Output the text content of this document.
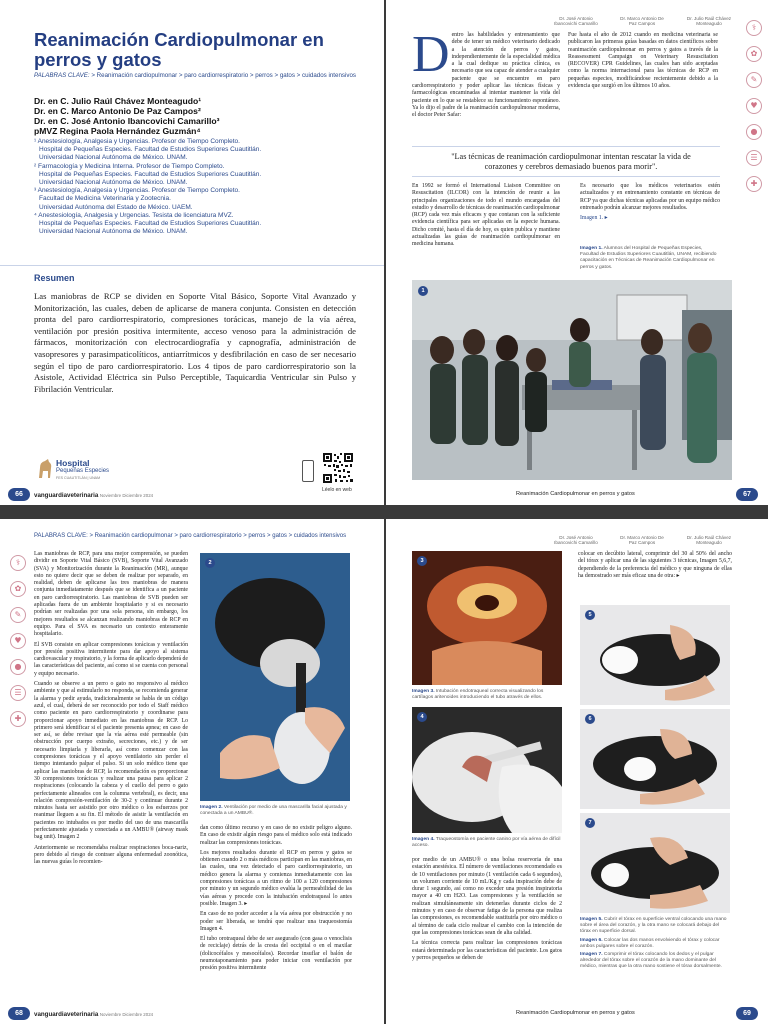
Reanimación Cardiopulmonar en perros y gatos
PALABRAS CLAVE: > Reanimación cardiopulmonar > paro cardiorrespiratorio > perros > gatos > cuidados intensivos
Dr. en C. Julio Raúl Chávez Monteagudo¹
Dr. en C. Marco Antonio De Paz Campos²
Dr. en C. José Antonio Ibancovichi Camarillo³
pMVZ Regina Paola Hernández Guzmán⁴
¹ Anestesiología, Analgesia y Urgencias. Profesor de Tiempo Completo.
Hospital de Pequeñas Especies. Facultad de Estudios Superiores Cuautitlán.
Universidad Nacional Autónoma de México. UNAM.
² Farmacología y Medicina Interna. Profesor de Tiempo Completo.
Hospital de Pequeñas Especies. Facultad de Estudios Superiores Cuautitlán.
Universidad Nacional Autónoma de México. UNAM.
³ Anestesiología, Analgesia y Urgencias. Profesor de Tiempo Completo.
Facultad de Medicina Veterinaria y Zootecnia.
Universidad Autónoma del Estado de México. UAEM.
⁴ Anestesiología, Analgesia y Urgencias. Tesista de licenciatura MVZ.
Hospital de Pequeñas Especies. Facultad de Estudios Superiores Cuautitlán.
Universidad Nacional Autónoma de México. UNAM.
Resumen
Las maniobras de RCP se dividen en Soporte Vital Básico, Soporte Vital Avanzado y Monitorización, las cuales, deben de aplicarse de manera conjunta. Consisten en detección pronta del paro cardiorrespiratorio, compresiones torácicas, manejo de la vía aérea, ventilación por presión positiva intermitente, acceso venoso para la administración de fármacos, monitorización con electrocardiografía y capnografía, administración de vasopresores y parasimpaticolíticos, antiarrítmicos y desfibrilación en caso de ser necesario según el tipo de paro cardiorrespiratorio. Los 4 tipos de paro cardiorrespiratorio son la Asistole, Actividad Eléctrica sin Pulso Perceptible, Taquicardia Ventricular sin Pulso y Fibrilación Ventricular.
Hospital
Pequeñas Especies
FES CUAUTITLÁN | UNAM
Léelo en web
66	vanguardiaveterinaria Noviembre Diciembre 2024
Dr. José Antonio
Ibancovichi Camarillo
Dr. Marco Antonio De
Paz Campos
Dr. Julio Raúl Chávez
Monteagudo
D entro las habilidades y entrenamiento que debe de tener un médico veterinario dedicado a la atención de perros y gatos, independientemente de la especialidad médica a la cual dedique su práctica clínica, es necesario que sea capaz de atender a cualquier paciente que se encuentre en paro cardiorrespiratorio y poder aplicar las técnicas físicas y farmacológicas encaminadas al intentar mantener la vida del paciente en lo que se restablece su funcionamiento espontáneo. Ya lo dijo el padre de la reanimación cardiopulmonar moderna, el doctor Peter Safar:

Fue hasta el año de 2012 cuando en medicina veterinaria se publicaron las primeras guías basadas en datos científicos sobre reanimación cardiopulmonar en perros y gatos a través de la Reassessment Campaign on Veterinary Resuscitation (RECOVER) CPR Guidelines, las cuales han sido aceptadas como la norma internacional para las técnicas de RCP en pequeñas especies, modificándose recientemente debido a la evidencia que surgió en los últimos 10 años.

"Las técnicas de reanimación cardiopulmonar intentan rescatar la vida de corazones y cerebros demasiado buenos para morir".
En 1992 se formó el International Liaison Committee on Resuscitation (ILCOR) con la intención de reunir a las principales organizaciones de todo el mundo encargadas del estudio y desarrollo de técnicas de reanimación cardiopulmonar (RCP) cada vez más eficaces y que contaran con la suficiente evidencia científica para ser aplicadas en la especie humana. Dicho comité, hasta el día de hoy, es quien publica y mantiene actualizadas las guías de reanimación cardiopulmonar en medicina humana.

Es necesario que los médicos veterinarios estén actualizados y en entrenamiento constante en técnicas de RCP ya que dichas técnicas aplicadas por un equipo médico entrenado podrán alcanzar mejores resultados.

Imagen 1. ▸
Imagen 1. Alumnos del Hospital de Pequeñas Especies, Facultad de Estudios Superiores Cuautitlán, UNAM, recibiendo capacitación en Técnicas de Reanimación Cardiopulmonar en perros y gatos.
1
Reanimación Cardiopulmonar en perros y gatos	67
⚕
✿
✎
♥
●
☰
✚
PALABRAS CLAVE: > Reanimación cardiopulmonar > paro cardiorrespiratorio > perros > gatos > cuidados intensivos
⚕
✿
✎
♥
●
☰
✚

Las maniobras de RCP, para una mejor comprensión, se pueden dividir en Soporte Vital Básico (SVB), Soporte Vital Avanzado (SVA) y Monitorización durante la Reanimación (MR), aunque esto no quiere decir que se deben de realizar por separado, en realidad, deben de aplicarse las tres maniobras de manera conjunta inmediatamente después que se identifica a un paciente en paro cardiorrespiratorio. Las maniobras de SVB pueden ser aplicadas fuera de un ambiente hospitalario y si es necesario podrían ser realizadas por una sola persona, sin embargo, los mejores resultados se alcanzan realizando maniobras de RCP en equipo. Para el SVA es necesario un contexto enteramente hospitalario.

El SVB consiste en aplicar compresiones torácicas y ventilación por presión positiva intermitente para dar apoyo al sistema cardiovascular y respiratorio, y la forma de aplicarlo dependerá de las características del paciente, así como si se cuenta con personal y equipo necesario.

Cuando se observe a un perro o gato no responsivo al médico ambiente y que al estimularlo no responda, se recomienda generar la alarma y pedir ayuda, tradicionalmente se habla de un código azul, el cual, deberá de ser reconocido por todo el Staff médico como paciente en paro cardiorrespiratorio y coordinarse para proporcionar apoyo inmediato en las maniobras de RCP. Lo primero será identificar si el paciente presenta apnea; en caso de ser así, se debe revisar que la vía aérea esté permeable (sin obstrucción por cuerpo extraño, secreciones, etc.) y de ser necesario limpiarla y liberarla, así como comenzar con las compresiones torácicas y el apoyo ventilatorio sin perder el tiempo intentando palpar el pulso. Si un solo médico tiene que aplicar las maniobras de RCP, la recomendación es proporcionar 30 compresiones torácicas y realizar una pausa para aplicar 2 respiraciones (colocando la cabeza y el cuello del perro o gato perfectamente alineados con la columna vertebral), es decir, una relación compresión-ventilación de 30-2 y continuar durante 2 minutos hasta ser asistido por otro médico o los esfuerzos por reanimar lleguen a su fin. El método de asistir la ventilación en pacientes no intubados es por medio del uso de una mascarilla perfectamente ajustada y conectada a un AMBU® (airway mask bag unit). Imagen 2

Anteriormente se recomendaba realizar respiraciones boca-nariz, pero debido al riesgo de contraer alguna enfermedad zoonótica, las nuevas guías lo recomien-

2
Imagen 2. Ventilación por medio de una mascarilla facial ajustada y conectada a un AMBU®.

dan como último recurso y en caso de no existir peligro alguno. En caso de existir algún riesgo para el médico solo está indicado realizar las compresiones torácicas.

Los mejores resultados durante el RCP en perros y gatos se obtienen cuando 2 o más médicos participan en las maniobras, en las cuales, una vez detectado el paro cardiorrespiratorio, un médico genera la alarma y comienza inmediatamente con las compresiones torácicas a un ritmo de 100 a 120 compresiones por minuto y un segundo médico evalúa la permeabilidad de las vías aéreas y procede con la intubación endotraqueal lo antes posible. Imagen 3. ▸

En caso de no poder acceder a la vía aérea por obstrucción y no poder ser liberada, se tendrá que realizar una traqueostomía Imagen 4.

El tubo orotraqueal debe de ser asegurado (con gasa o venoclisis de reciclaje) detrás de la cresta del occipital o en el maxilar (dolicocéfalos y mesocéfalos). Recordar insuflar el balón de neumotaponamiento para poder iniciar con ventilación por presión positiva intermitente

68	vanguardiaveterinaria Noviembre Diciembre 2024
Dr. José Antonio
Ibancovichi Camarillo
Dr. Marco Antonio De
Paz Campos
Dr. Julio Raúl Chávez
Monteagudo
3
Imagen 3. Intubación endotraqueal correcta visualizando los cartílagos aritenoides introduciendo el tubo através de ellos.
4
Imagen 4. Traqueostomía en paciente canino por vía aérea de difícil acceso.

por medio de un AMBU® o una bolsa reservoria de una estación anestésica. El número de ventilaciones recomendado es de 10 ventilaciones por minuto (1 ventilación cada 6 segundos), un volumen corriente de 10 mL/Kg y cada inspiración debe de durar 1 segundo, así como no exceder una presión inspiratoria mayor a 40 cm H2O. Las compresiones y la ventilación se realizan simultáneamente sin detenerlas durante ciclos de 2 minutos y en caso de observar fatiga de la persona que realiza las compresiones, es recomendable sustituirla por otro médico o al término de cada ciclo realizar el cambio con la intención de que las compresiones torácicas sean de alta calidad.

La técnica correcta para realizar las compresiones torácicas estará determinada por las características del paciente. Los gatos y perros pequeños se deben de

colocar en decúbito lateral, comprimir del 30 al 50% del ancho del tórax y aplicar una de las siguientes 3 técnicas, Imagen 5,6,7, dependiendo de la preferencia del médico y que ninguna de ellas ha demostrado ser más eficaz una de otra: ▸

5
6
7
Imagen 5. Cubrir el tórax en superficie ventral colocando una mano sobre el área del corazón, y la otra mano se colocará debajo del tórax en superficie dorsal.
Imagen 6. Colocar las dos manos envolviendo el tórax y colocar ambos pulgares sobre el corazón.
Imagen 7. Comprimir el tórax colocando los dedos y el pulgar alrededor del tórax sobre el corazón de la mano dominante del médico, mientras que la otra mano sostiene el tórax dorsalmente.
Reanimación Cardiopulmonar en perros y gatos	69
